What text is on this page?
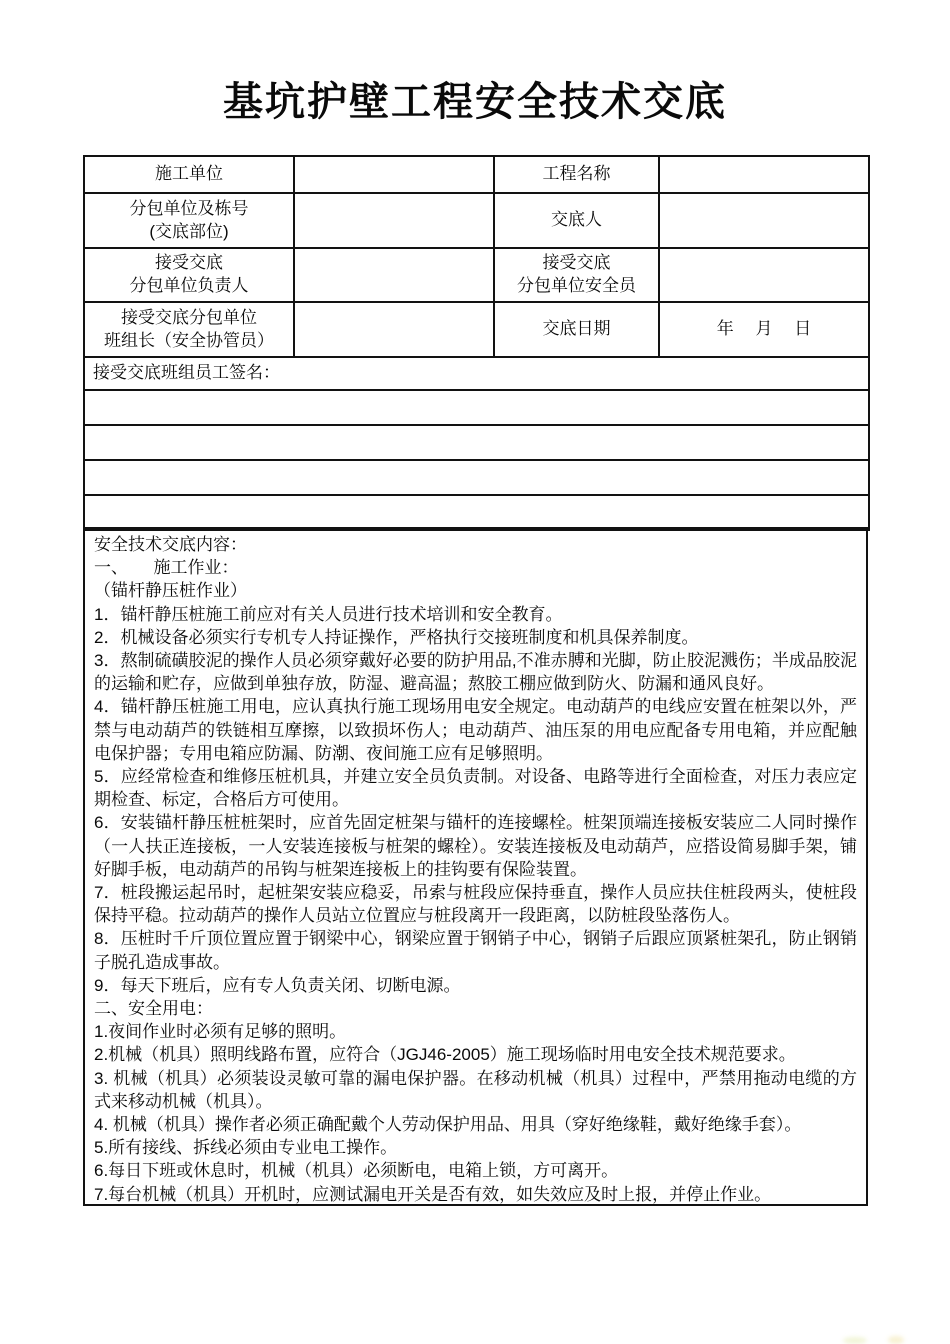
基坑护壁工程安全技术交底
施工单位		工程名称	

分包单位及栋号
(交底部位)		交底人	

接受交底
分包单位负责人		接受交底
分包单位安全员	

接受交底分包单位
班组长（安全协管员）		交底日期	年　 月　 日
接受交底班组员工签名：			

安全技术交底内容：

一、　　施工作业：

（锚杆静压桩作业）

1．锚杆静压桩施工前应对有关人员进行技术培训和安全教育。

2．机械设备必须实行专机专人持证操作，严格执行交接班制度和机具保养制度。

3．熬制硫磺胶泥的操作人员必须穿戴好必要的防护用品,不准赤膊和光脚，防止胶泥溅伤；半成品胶泥的运输和贮存，应做到单独存放，防湿、避高温；熬胶工棚应做到防火、防漏和通风良好。

4．锚杆静压桩施工用电，应认真执行施工现场用电安全规定。电动葫芦的电线应安置在桩架以外，严禁与电动葫芦的铁链相互摩擦，以致损坏伤人；电动葫芦、油压泵的用电应配备专用电箱，并应配触电保护器；专用电箱应防漏、防潮、夜间施工应有足够照明。

5．应经常检查和维修压桩机具，并建立安全员负责制。对设备、电路等进行全面检查，对压力表应定期检查、标定，合格后方可使用。

6．安装锚杆静压桩桩架时，应首先固定桩架与锚杆的连接螺栓。桩架顶端连接板安装应二人同时操作（一人扶正连接板，一人安装连接板与桩架的螺栓）。安装连接板及电动葫芦，应搭设简易脚手架，铺好脚手板，电动葫芦的吊钩与桩架连接板上的挂钩要有保险装置。

7．桩段搬运起吊时，起桩架安装应稳妥，吊索与桩段应保持垂直，操作人员应扶住桩段两头，使桩段保持平稳。拉动葫芦的操作人员站立位置应与桩段离开一段距离，以防桩段坠落伤人。

8．压桩时千斤顶位置应置于钢梁中心，钢梁应置于钢销子中心，钢销子后跟应顶紧桩架孔，防止钢销子脱孔造成事故。

9．每天下班后，应有专人负责关闭、切断电源。

二、安全用电：

1.夜间作业时必须有足够的照明。

2.机械（机具）照明线路布置，应符合（JGJ46-2005）施工现场临时用电安全技术规范要求。

3. 机械（机具）必须装设灵敏可靠的漏电保护器。在移动机械（机具）过程中，严禁用拖动电缆的方式来移动机械（机具）。

4. 机械（机具）操作者必须正确配戴个人劳动保护用品、用具（穿好绝缘鞋，戴好绝缘手套）。

5.所有接线、拆线必须由专业电工操作。

6.每日下班或休息时，机械（机具）必须断电，电箱上锁，方可离开。

7.每台机械（机具）开机时，应测试漏电开关是否有效，如失效应及时上报，并停止作业。
